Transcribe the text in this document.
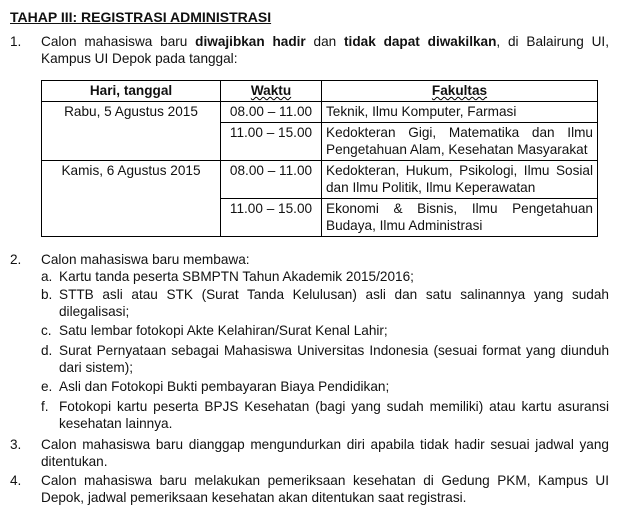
TAHAP III: REGISTRASI ADMINISTRASI
1.	Calon mahasiswa baru diwajibkan hadir dan tidak dapat diwakilkan, di Balairung UI, Kampus UI Depok pada tanggal:
Hari, tanggal	Waktu	Fakultas
Rabu, 5 Agustus 2015	08.00 – 11.00	Teknik, Ilmu Komputer, Farmasi
	11.00 – 15.00	Kedokteran Gigi, Matematika dan Ilmu Pengetahuan Alam, Kesehatan Masyarakat
Kamis, 6 Agustus 2015	08.00 – 11.00	Kedokteran, Hukum, Psikologi, Ilmu Sosial dan Ilmu Politik, Ilmu Keperawatan
	11.00 – 15.00	Ekonomi & Bisnis, Ilmu Pengetahuan Budaya, Ilmu Administrasi
2.	Calon mahasiswa baru membawa:
a. Kartu tanda peserta SBMPTN Tahun Akademik 2015/2016;
b. STTB asli atau STK (Surat Tanda Kelulusan) asli dan satu salinannya yang sudah dilegalisasi;
c. Satu lembar fotokopi Akte Kelahiran/Surat Kenal Lahir;
d. Surat Pernyataan sebagai Mahasiswa Universitas Indonesia (sesuai format yang diunduh dari sistem);
e. Asli dan Fotokopi Bukti pembayaran Biaya Pendidikan;
f. Fotokopi kartu peserta BPJS Kesehatan (bagi yang sudah memiliki) atau kartu asuransi kesehatan lainnya.
3.	Calon mahasiswa baru dianggap mengundurkan diri apabila tidak hadir sesuai jadwal yang ditentukan.
4.	Calon mahasiswa baru melakukan pemeriksaan kesehatan di Gedung PKM, Kampus UI Depok, jadwal pemeriksaan kesehatan akan ditentukan saat registrasi.
